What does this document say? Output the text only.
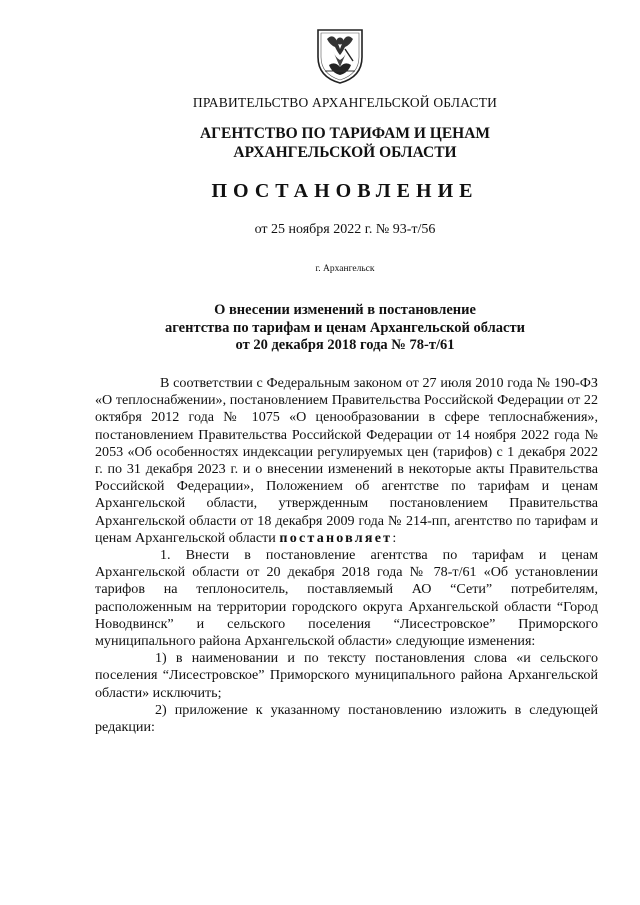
ПРАВИТЕЛЬСТВО АРХАНГЕЛЬСКОЙ ОБЛАСТИ
АГЕНТСТВО ПО ТАРИФАМ И ЦЕНАМ
АРХАНГЕЛЬСКОЙ ОБЛАСТИ
ПОСТАНОВЛЕНИЕ
от 25 ноября 2022 г. № 93-т/56
г. Архангельск
О внесении изменений в постановление
агентства по тарифам и ценам Архангельской области
от 20 декабря 2018 года № 78-т/61

В соответствии с Федеральным законом от 27 июля 2010 года № 190-ФЗ «О теплоснабжении», постановлением Правительства Российской Федерации от 22 октября 2012 года № 1075 «О ценообразовании в сфере теплоснабжения», постановлением Правительства Российской Федерации от 14 ноября 2022 года № 2053 «Об особенностях индексации регулируемых цен (тарифов) с 1 декабря 2022 г. по 31 декабря 2023 г. и о внесении изменений в некоторые акты Правительства Российской Федерации», Положением об агентстве по тарифам и ценам Архангельской области, утвержденным постановлением Правительства Архангельской области от 18 декабря 2009 года № 214-пп, агентство по тарифам и ценам Архангельской области постановляет:

1. Внести в постановление агентства по тарифам и ценам Архангельской области от 20 декабря 2018 года № 78-т/61 «Об установлении тарифов на теплоноситель, поставляемый АО “Сети” потребителям, расположенным на территории городского округа Архангельской области “Город Новодвинск” и сельского поселения “Лисестровское” Приморского муниципального района Архангельской области» следующие изменения:

1) в наименовании и по тексту постановления слова «и сельского поселения “Лисестровское” Приморского муниципального района Архангельской области» исключить;

2) приложение к указанному постановлению изложить в следующей редакции:
